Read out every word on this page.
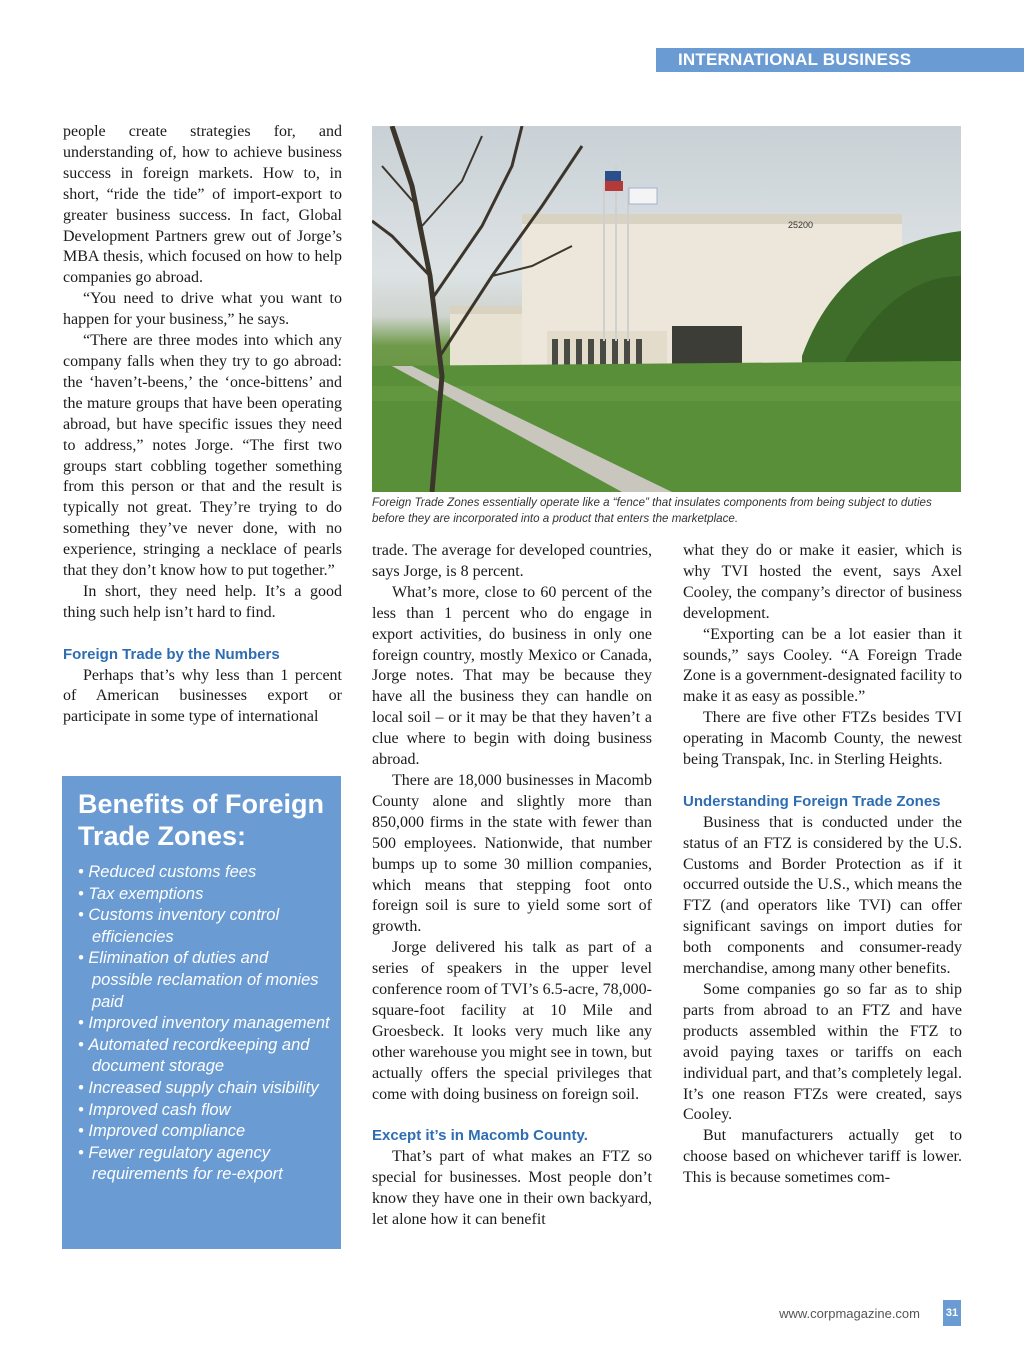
INTERNATIONAL BUSINESS

people create strategies for, and understanding of, how to achieve business success in foreign markets. How to, in short, “ride the tide” of import-export to greater business success. In fact, Global Development Partners grew out of Jorge’s MBA thesis, which focused on how to help companies go abroad.

“You need to drive what you want to happen for your business,” he says.

“There are three modes into which any company falls when they try to go abroad: the ‘haven’t-beens,’ the ‘once-bittens’ and the mature groups that have been operating abroad, but have specific issues they need to address,” notes Jorge. “The first two groups start cobbling together something from this person or that and the result is typically not great. They’re trying to do something they’ve never done, with no experience, stringing a necklace of pearls that they don’t know how to put together.”

In short, they need help. It’s a good thing such help isn’t hard to find.

Foreign Trade by the Numbers

Perhaps that’s why less than 1 percent of American businesses export or participate in some type of international

25200
Foreign Trade Zones essentially operate like a “fence” that insulates components from being subject to duties before they are incorporated into a product that enters the marketplace.
Benefits of Foreign Trade Zones:
• Reduced customs fees
• Tax exemptions
• Customs inventory control efficiencies
• Elimination of duties and possible reclamation of monies paid
• Improved inventory management
• Automated recordkeeping and document storage
• Increased supply chain visibility
• Improved cash flow
• Improved compliance
• Fewer regulatory agency requirements for re-export

trade. The average for developed countries, says Jorge, is 8 percent.

What’s more, close to 60 percent of the less than 1 percent who do engage in export activities, do business in only one foreign country, mostly Mexico or Canada, Jorge notes. That may be because they have all the business they can handle on local soil – or it may be that they haven’t a clue where to begin with doing business abroad.

There are 18,000 businesses in Macomb County alone and slightly more than 850,000 firms in the state with fewer than 500 employees. Nationwide, that number bumps up to some 30 million companies, which means that stepping foot onto foreign soil is sure to yield some sort of growth.

Jorge delivered his talk as part of a series of speakers in the upper level conference room of TVI’s 6.5-acre, 78,000-square-foot facility at 10 Mile and Groesbeck. It looks very much like any other warehouse you might see in town, but actually offers the special privileges that come with doing business on foreign soil.

Except it’s in Macomb County.

That’s part of what makes an FTZ so special for businesses. Most people don’t know they have one in their own backyard, let alone how it can benefit

what they do or make it easier, which is why TVI hosted the event, says Axel Cooley, the company’s director of business development.

“Exporting can be a lot easier than it sounds,” says Cooley. “A Foreign Trade Zone is a government-designated facility to make it as easy as possible.”

There are five other FTZs besides TVI operating in Macomb County, the newest being Transpak, Inc. in Sterling Heights.

Understanding Foreign Trade Zones

Business that is conducted under the status of an FTZ is considered by the U.S. Customs and Border Protection as if it occurred outside the U.S., which means the FTZ (and operators like TVI) can offer significant savings on import duties for both components and consumer-ready merchandise, among many other benefits.

Some companies go so far as to ship parts from abroad to an FTZ and have products assembled within the FTZ to avoid paying taxes or tariffs on each individual part, and that’s completely legal. It’s one reason FTZs were created, says Cooley.

But manufacturers actually get to choose based on whichever tariff is lower. This is because sometimes com-

www.corpmagazine.com 31
